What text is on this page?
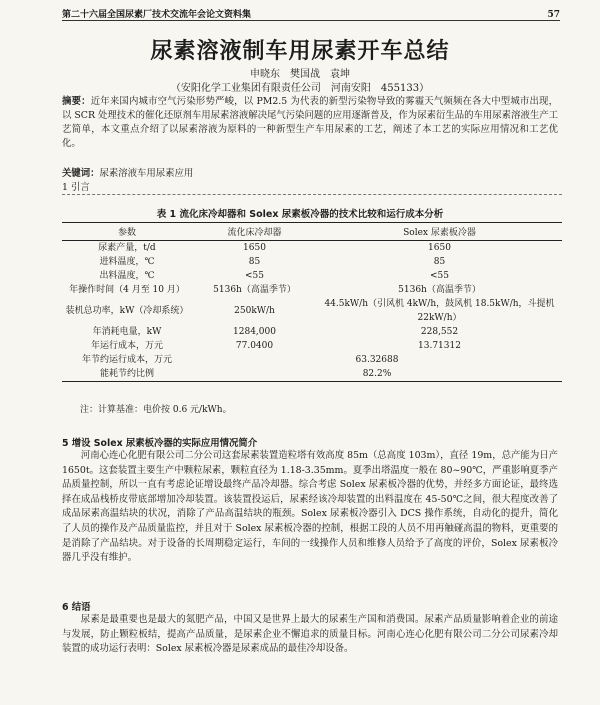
第二十六届全国尿素厂技术交流年会论文资料集	57
尿素溶液制车用尿素开车总结
申晓东　樊国战　袁坤
（安阳化学工业集团有限责任公司　河南安阳　455133）
摘要：近年来国内城市空气污染形势严峻，以 PM2.5 为代表的新型污染物导致的雾霾天气频频在各大中型城市出现，以 SCR 处理技术的催化还原剂车用尿素溶液解决尾气污染问题的应用逐渐普及，作为尿素衍生品的车用尿素溶液生产工艺简单，本文重点介绍了以尿素溶液为原料的一种新型生产车用尿素的工艺，阐述了本工艺的实际应用情况和工艺优化。
关键词：尿素溶液车用尿素应用
1 引言
表 1 流化床冷却器和 Solex 尿素板冷器的技术比较和运行成本分析
参数	流化床冷却器	Solex 尿素板冷器
尿素产量，t/d	1650	1650
进料温度，℃	85	85
出料温度，℃	<55	<55
年操作时间（4 月至 10 月）	5136h（高温季节）	5136h（高温季节）
装机总功率，kW（冷却系统）	250kW/h	44.5kW/h（引风机 4kW/h，鼓风机 18.5kW/h，斗提机 22kW/h）
年消耗电量，kW	1284,000	228,552
年运行成本，万元	77.0400	13.71312
年节约运行成本，万元	63.32688	
能耗节约比例	82.2%	
注：计算基准：电价按 0.6 元/kWh。
5 增设 Solex 尿素板冷器的实际应用情况简介
河南心连心化肥有限公司二分公司这套尿素装置造粒塔有效高度 85m（总高度 103m），直径 19m，总产能为日产 1650t。这套装置主要生产中颗粒尿素，颗粒直径为 1.18-3.35mm。夏季出塔温度一般在 80~90℃，严重影响夏季产品质量控制，所以一直有考虑论证增设最终产品冷却器。综合考虑 Solex 尿素板冷器的优势，并经多方面论证，最终选择在成品栈桥皮带底部增加冷却装置。该装置投运后，尿素经该冷却装置的出料温度在 45-50℃之间，很大程度改善了成品尿素高温结块的状况，消除了产品高温结块的瓶颈。Solex 尿素板冷器引入 DCS 操作系统，自动化的提升，简化了人员的操作及产品质量监控，并且对于 Solex 尿素板冷器的控制，根据工段的人员不用再触碰高温的物料，更重要的是消除了产品结块。对于设备的长周期稳定运行，车间的一线操作人员和维修人员给予了高度的评价，Solex 尿素板冷器几乎没有维护。
6 结语
尿素是最重要也是最大的氮肥产品，中国又是世界上最大的尿素生产国和消费国。尿素产品质量影响着企业的前途与发展，防止颗粒板结，提高产品质量，是尿素企业不懈追求的质量目标。河南心连心化肥有限公司二分公司尿素冷却装置的成功运行表明：Solex 尿素板冷器是尿素成品的最佳冷却设备。
